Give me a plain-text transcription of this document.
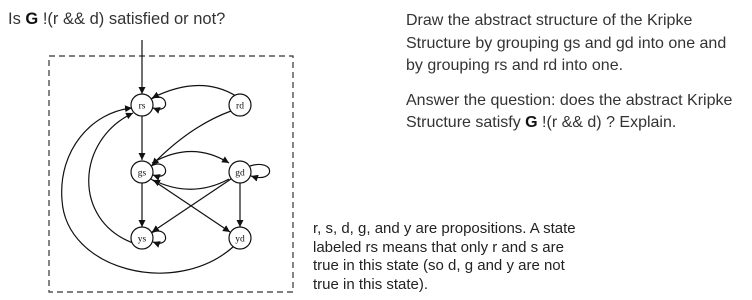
Is G !(r && d) satisfied or not?
rs	rd
gs	gd
ys	yd

Draw the abstract structure of the Kripke Structure by grouping gs and gd into one and by grouping rs and rd into one.

Answer the question: does the abstract Kripke Structure satisfy G !(r && d) ? Explain.

r, s, d, g, and y are propositions. A state labeled rs means that only r and s are true in this state (so d, g and y are not true in this state).
